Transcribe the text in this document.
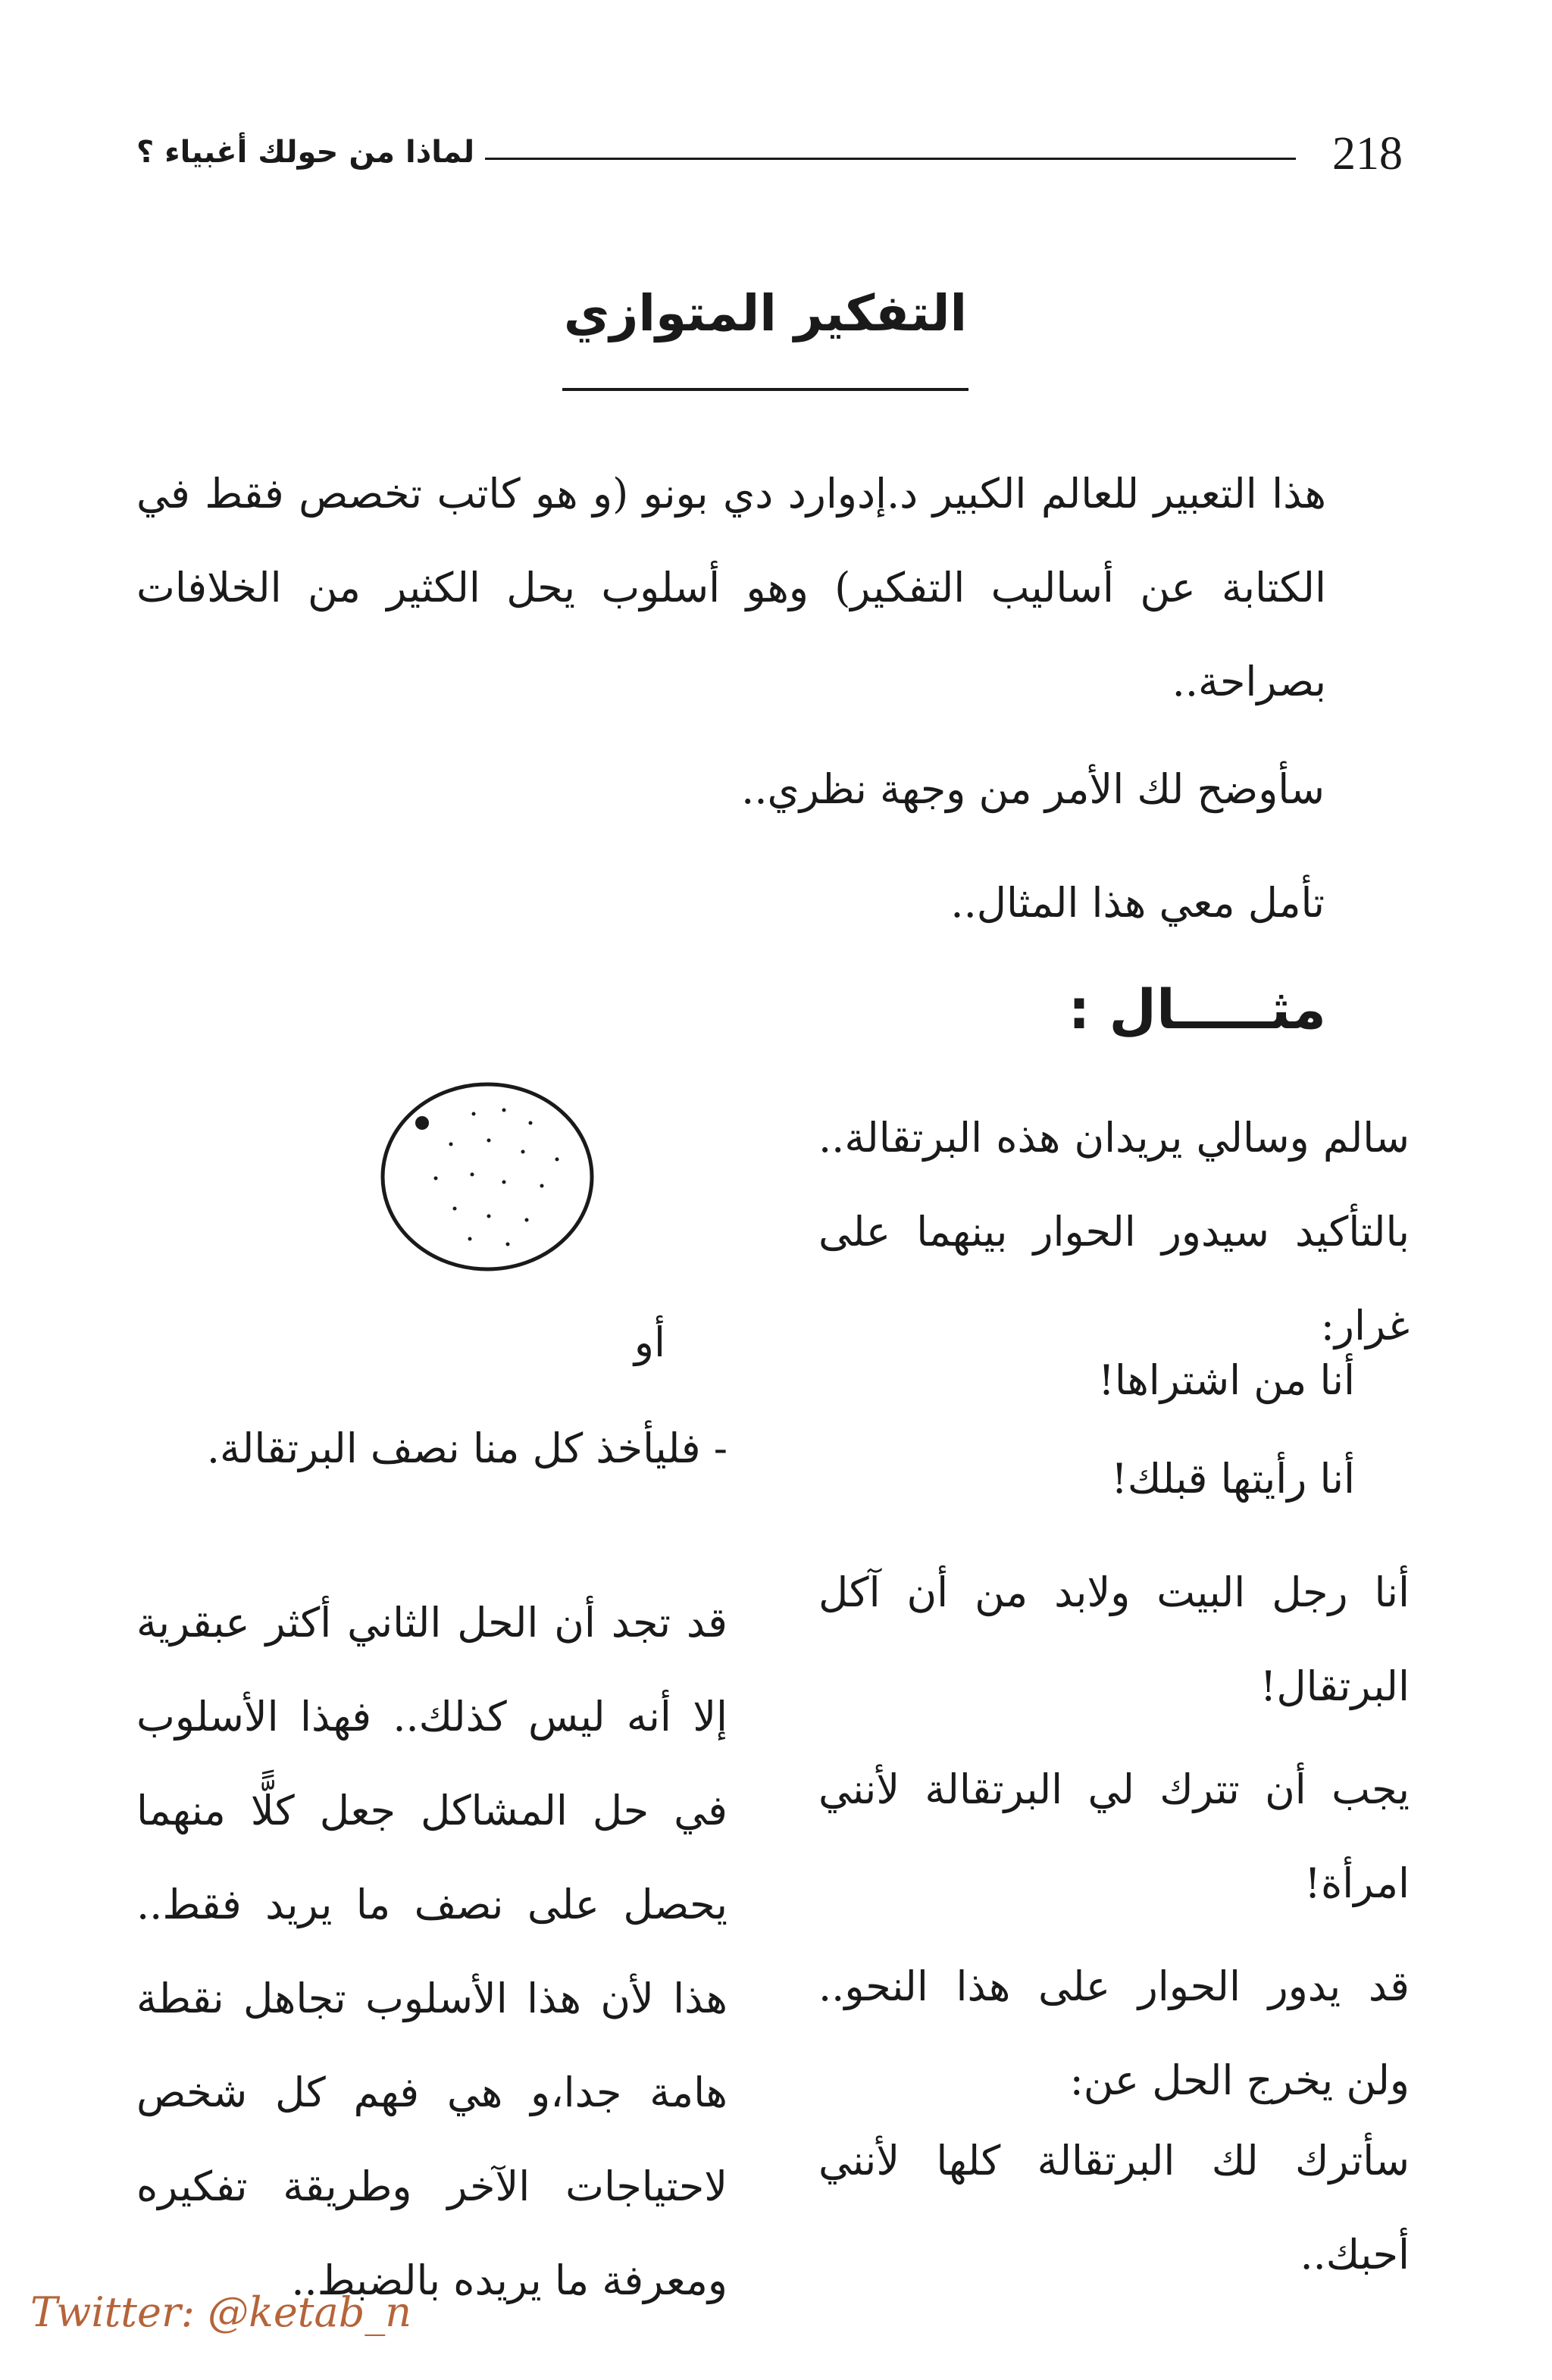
لماذا من حولك أغبياء ؟	218
التفكير المتوازي

هذا التعبير للعالم الكبير د.إدوارد دي بونو (و هو كاتب تخصص فقط في الكتابة عن أساليب التفكير) وهو أسلوب يحل الكثير من الخلافات بصراحة..

سأوضح لك الأمر من وجهة نظري..

تأمل معي هذا المثال..

مثـــــال :

سالم وسالي يريدان هذه البرتقالة.. بالتأكيد سيدور الحوار بينهما على غرار:

أنا من اشتراها!

أنا رأيتها قبلك!

أنا رجل البيت ولابد من أن آكل البرتقال!

يجب أن تترك لي البرتقالة لأنني امرأة!

قد يدور الحوار على هذا النحو.. ولن يخرج الحل عن:

سأترك لك البرتقالة كلها لأنني أحبك..

أو

- فليأخذ كل منا نصف البرتقالة.

قد تجد أن الحل الثاني أكثر عبقرية إلا أنه ليس كذلك.. فهذا الأسلوب في حل المشاكل جعل كلًّا منهما يحصل على نصف ما يريد فقط.. هذا لأن هذا الأسلوب تجاهل نقطة هامة جدا،و هي فهم كل شخص لاحتياجات الآخر وطريقة تفكيره ومعرفة ما يريده بالضبط..

Twitter: @ketab_n
